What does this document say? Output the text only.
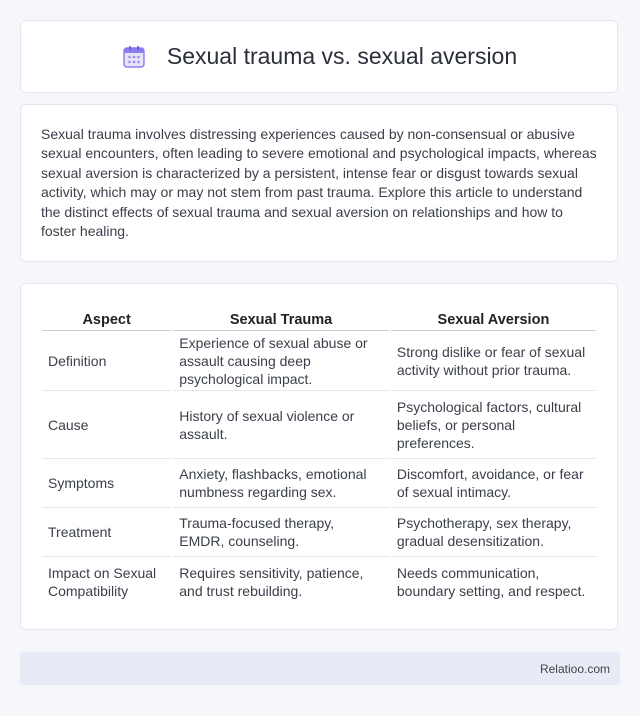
Sexual trauma vs. sexual aversion

Sexual trauma involves distressing experiences caused by non-consensual or abusive sexual encounters, often leading to severe emotional and psychological impacts, whereas sexual aversion is characterized by a persistent, intense fear or disgust towards sexual activity, which may or may not stem from past trauma. Explore this article to understand the distinct effects of sexual trauma and sexual aversion on relationships and how to foster healing.

Aspect	Sexual Trauma	Sexual Aversion
Definition	Experience of sexual abuse or assault causing deep psychological impact.	Strong dislike or fear of sexual activity without prior trauma.
Cause	History of sexual violence or assault.	Psychological factors, cultural beliefs, or personal preferences.
Symptoms	Anxiety, flashbacks, emotional numbness regarding sex.	Discomfort, avoidance, or fear of sexual intimacy.
Treatment	Trauma-focused therapy, EMDR, counseling.	Psychotherapy, sex therapy, gradual desensitization.
Impact on Sexual Compatibility	Requires sensitivity, patience, and trust rebuilding.	Needs communication, boundary setting, and respect.
Relatioo.com
